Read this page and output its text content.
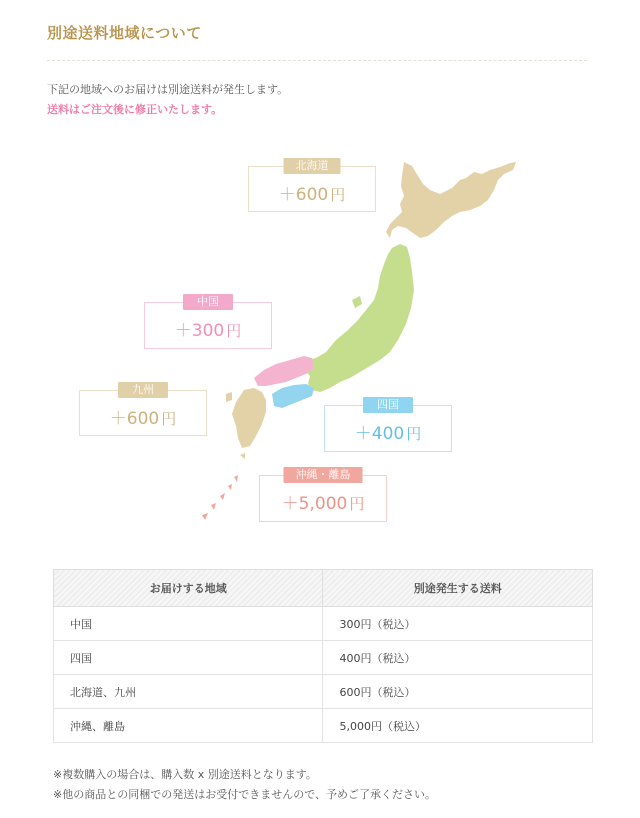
別途送料地域について
下記の地域へのお届けは別途送料が発生します。
送料はご注文後に修正いたします。
北海道
＋600 円
中国
＋300 円
九州
＋600 円
四国
＋400 円
沖縄・離島
＋5,000 円
お届けする地域	別途発生する送料
中国	300円（税込）
四国	400円（税込）
北海道、九州	600円（税込）
沖縄、離島	5,000円（税込）
※複数購入の場合は、購入数 x 別途送料となります。
※他の商品との同梱での発送はお受付できませんので、予めご了承ください。
